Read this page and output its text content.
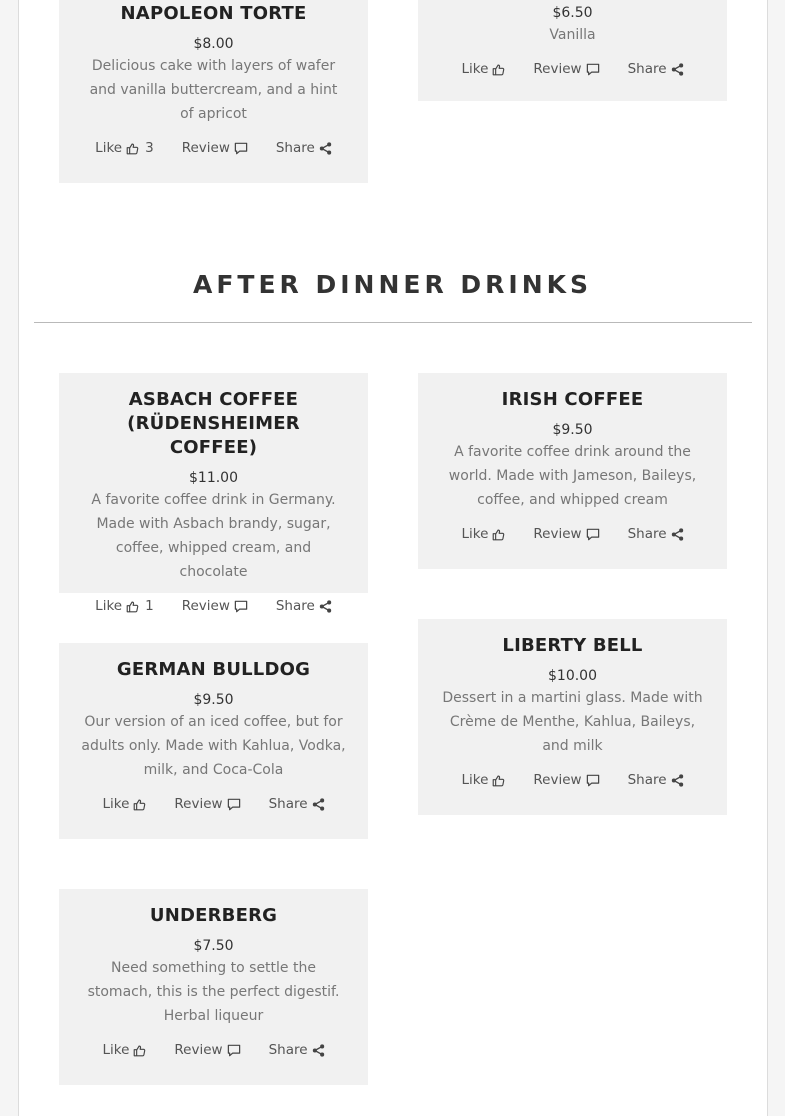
NAPOLEON TORTE
$8.00
Delicious cake with layers of wafer and vanilla buttercream, and a hint of apricot
Like 3 Review	Share
$6.50
Vanilla
Like	Review	Share
AFTER DINNER DRINKS
ASBACH COFFEE (RÜDENSHEIMER COFFEE)
$11.00
A favorite coffee drink in Germany. Made with Asbach brandy, sugar, coffee, whipped cream, and chocolate
Like 1 Review	Share
IRISH COFFEE
$9.50
A favorite coffee drink around the world. Made with Jameson, Baileys, coffee, and whipped cream
Like	Review	Share
LIBERTY BELL
$10.00
Dessert in a martini glass. Made with Crème de Menthe, Kahlua, Baileys, and milk
Like	Review	Share
GERMAN BULLDOG
$9.50
Our version of an iced coffee, but for adults only. Made with Kahlua, Vodka, milk, and Coca-Cola
Like	Review	Share
UNDERBERG
$7.50
Need something to settle the stomach, this is the perfect digestif. Herbal liqueur
Like	Review	Share
